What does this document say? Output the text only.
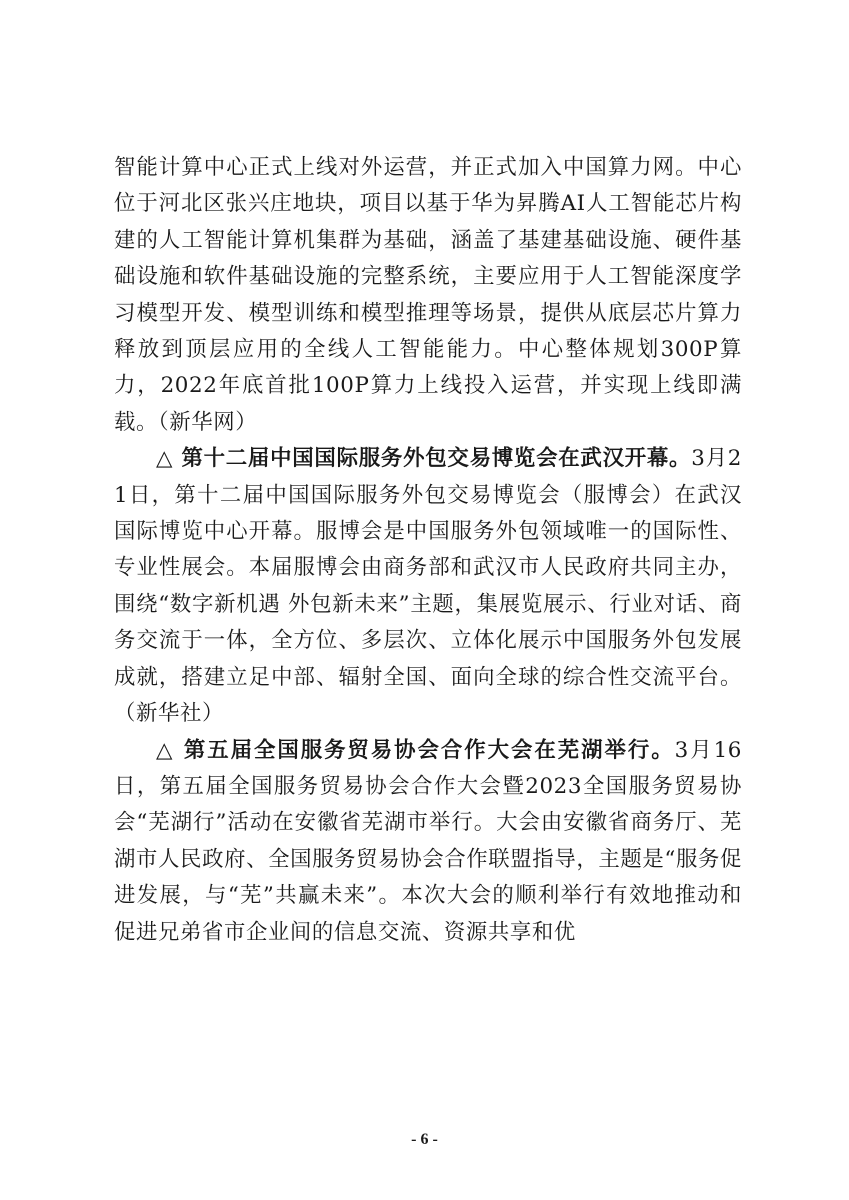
智能计算中心正式上线对外运营，并正式加入中国算力网。中心位于河北区张兴庄地块，项目以基于华为昇腾AI人工智能芯片构建的人工智能计算机集群为基础，涵盖了基建基础设施、硬件基础设施和软件基础设施的完整系统，主要应用于人工智能深度学习模型开发、模型训练和模型推理等场景，提供从底层芯片算力释放到顶层应用的全线人工智能能力。中心整体规划300P算力，2022年底首批100P算力上线投入运营，并实现上线即满载。（新华网）

△ 第十二届中国国际服务外包交易博览会在武汉开幕。3月21日，第十二届中国国际服务外包交易博览会（服博会）在武汉国际博览中心开幕。服博会是中国服务外包领域唯一的国际性、专业性展会。本届服博会由商务部和武汉市人民政府共同主办，围绕“数字新机遇 外包新未来”主题，集展览展示、行业对话、商务交流于一体，全方位、多层次、立体化展示中国服务外包发展成就，搭建立足中部、辐射全国、面向全球的综合性交流平台。（新华社）

△ 第五届全国服务贸易协会合作大会在芜湖举行。3月16日，第五届全国服务贸易协会合作大会暨2023全国服务贸易协会“芜湖行”活动在安徽省芜湖市举行。大会由安徽省商务厅、芜湖市人民政府、全国服务贸易协会合作联盟指导，主题是“服务促进发展，与“芜”共赢未来”。本次大会的顺利举行有效地推动和促进兄弟省市企业间的信息交流、资源共享和优

- 6 -
